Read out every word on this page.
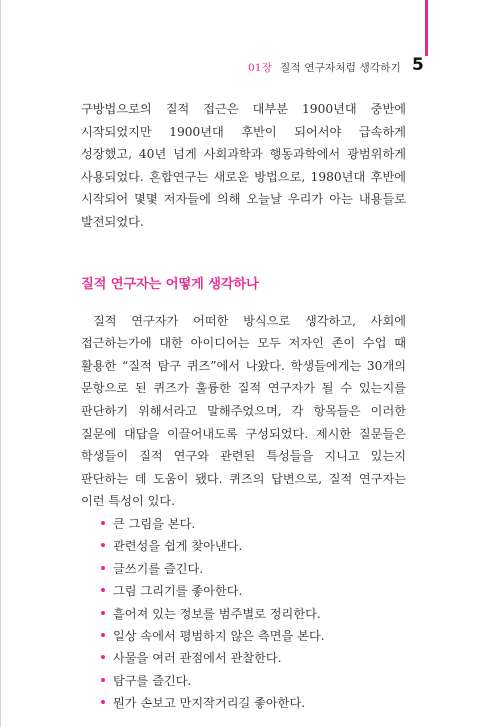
01장 질적 연구자처럼 생각하기 5

구방법으로의 질적 접근은 대부분 1900년대 중반에 시작되었지만 1900년대 후반이 되어서야 급속하게 성장했고, 40년 넘게 사회과학과 행동과학에서 광범위하게 사용되었다. 혼합연구는 새로운 방법으로, 1980년대 후반에 시작되어 몇몇 저자들에 의해 오늘날 우리가 아는 내용들로 발전되었다.

질적 연구자는 어떻게 생각하나

질적 연구자가 어떠한 방식으로 생각하고, 사회에 접근하는가에 대한 아이디어는 모두 저자인 존이 수업 때 활용한 “질적 탐구 퀴즈”에서 나왔다. 학생들에게는 30개의 문항으로 된 퀴즈가 훌륭한 질적 연구자가 될 수 있는지를 판단하기 위해서라고 말해주었으며, 각 항목들은 이러한 질문에 대답을 이끌어내도록 구성되었다. 제시한 질문들은 학생들이 질적 연구와 관련된 특성들을 지니고 있는지 판단하는 데 도움이 됐다. 퀴즈의 답변으로, 질적 연구자는 이런 특성이 있다.

큰 그림을 본다.
관련성을 쉽게 찾아낸다.
글쓰기를 즐긴다.
그림 그리기를 좋아한다.
흩어져 있는 정보를 범주별로 정리한다.
일상 속에서 평범하지 않은 측면을 본다.
사물을 여러 관점에서 관찰한다.
탐구를 즐긴다.
뭔가 손보고 만지작거리길 좋아한다.
